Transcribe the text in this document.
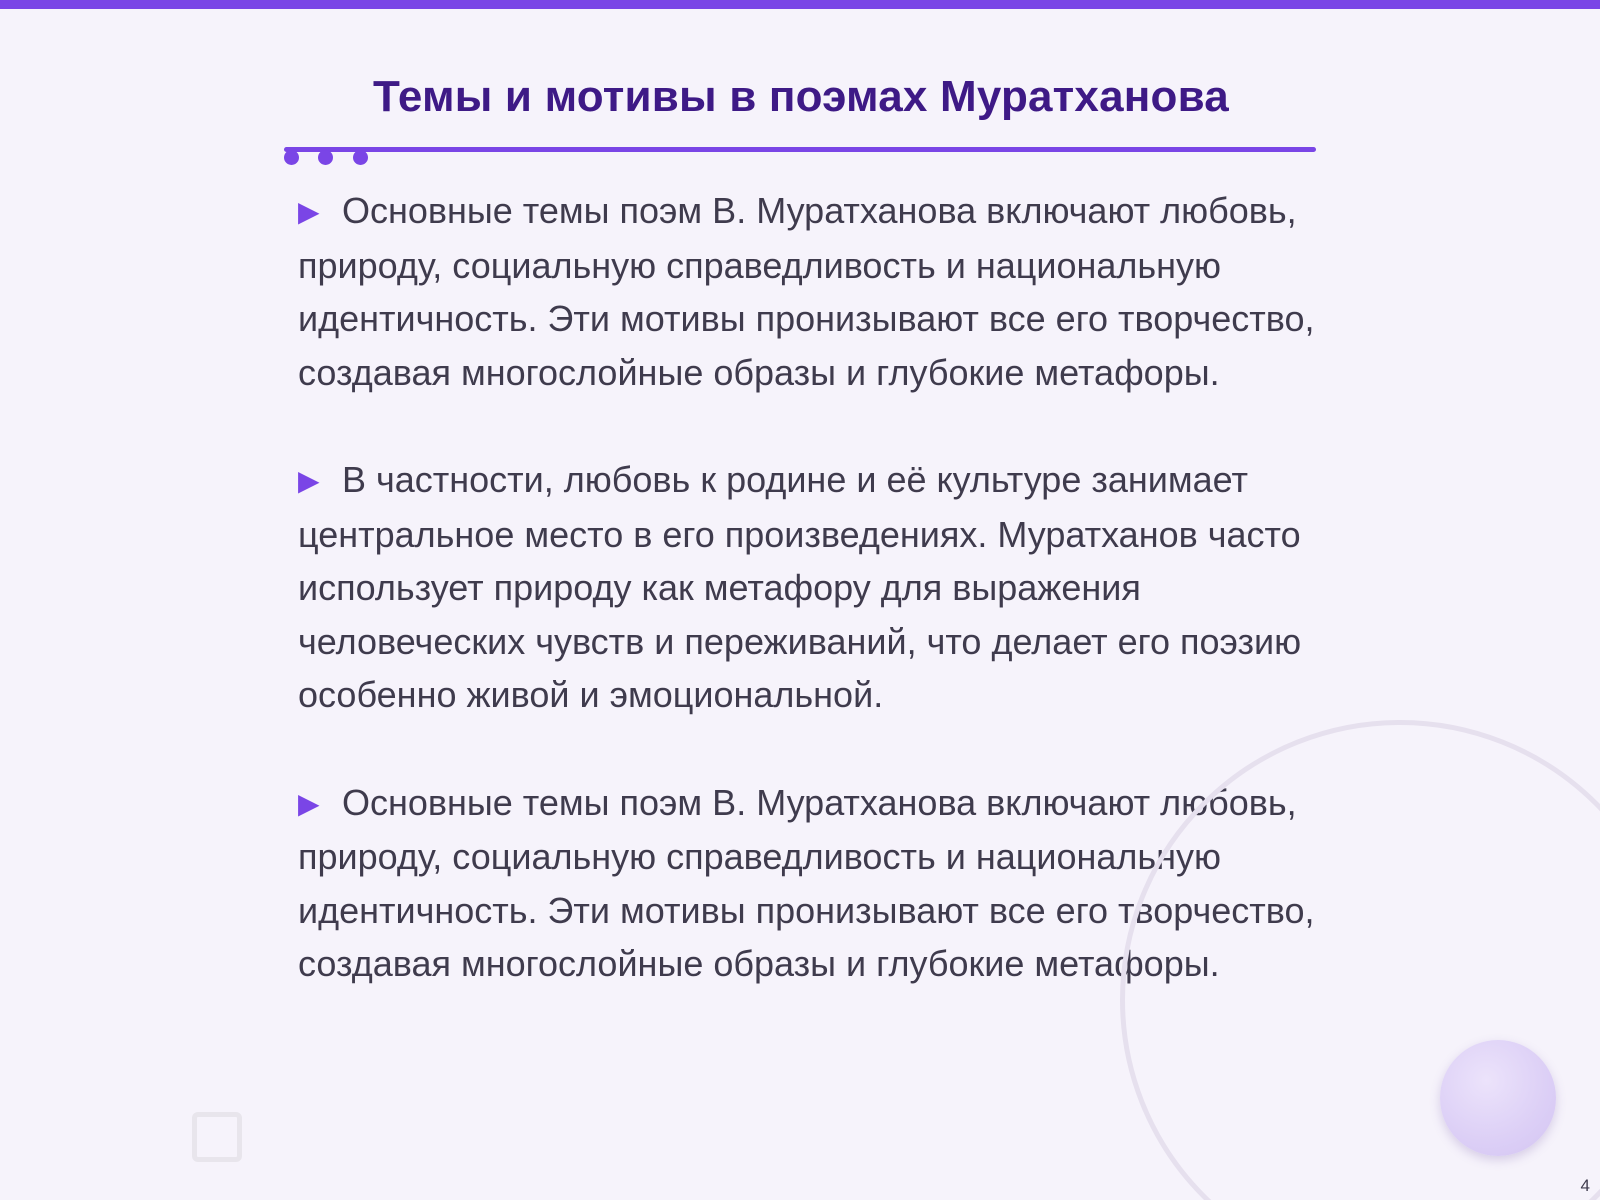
Темы и мотивы в поэмах Муратханова

▶ Основные темы поэм В. Муратханова включают любовь, природу, социальную справедливость и национальную идентичность. Эти мотивы пронизывают все его творчество, создавая многослойные образы и глубокие метафоры.

▶ В частности, любовь к родине и её культуре занимает центральное место в его произведениях. Муратханов часто использует природу как метафору для выражения человеческих чувств и переживаний, что делает его поэзию особенно живой и эмоциональной.

▶ Основные темы поэм В. Муратханова включают любовь, природу, социальную справедливость и национальную идентичность. Эти мотивы пронизывают все его творчество, создавая многослойные образы и глубокие метафоры.

4
